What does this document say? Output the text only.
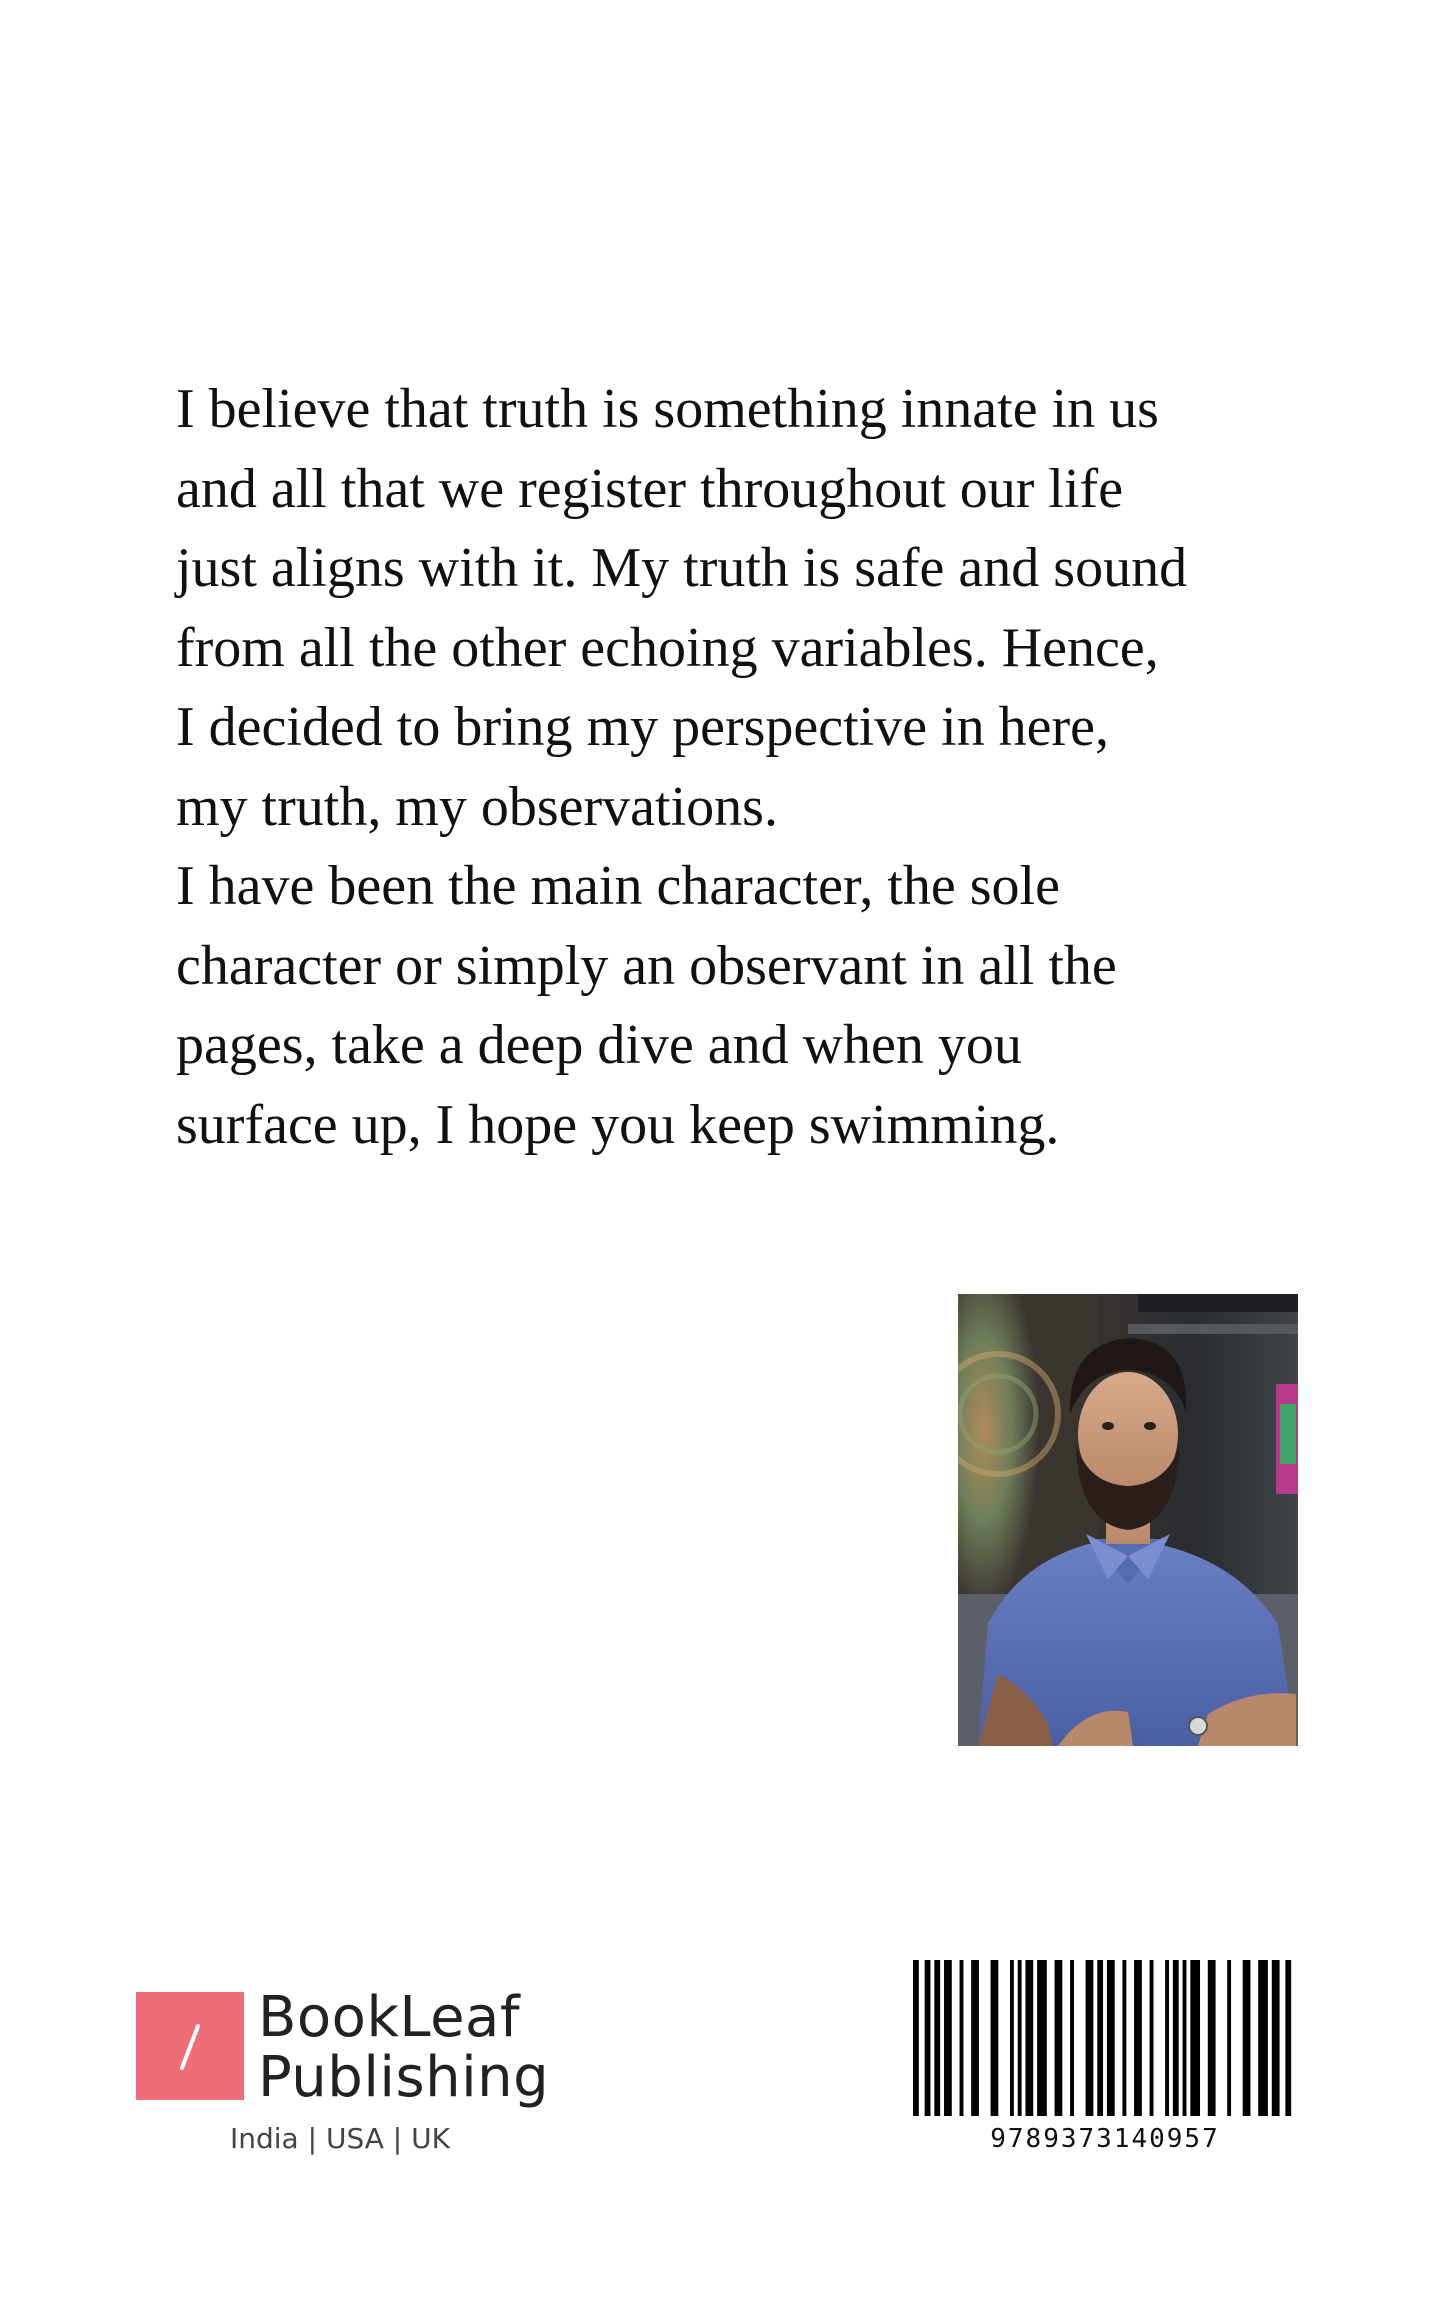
I believe that truth is something innate in us
and all that we register throughout our life
just aligns with it. My truth is safe and sound
from all the other echoing variables. Hence,
I decided to bring my perspective in here,
my truth, my observations.
I have been the main character, the sole
character or simply an observant in all the
pages, take a deep dive and when you
surface up, I hope you keep swimming.
BookLeaf
Publishing
India | USA | UK	9789373140957
